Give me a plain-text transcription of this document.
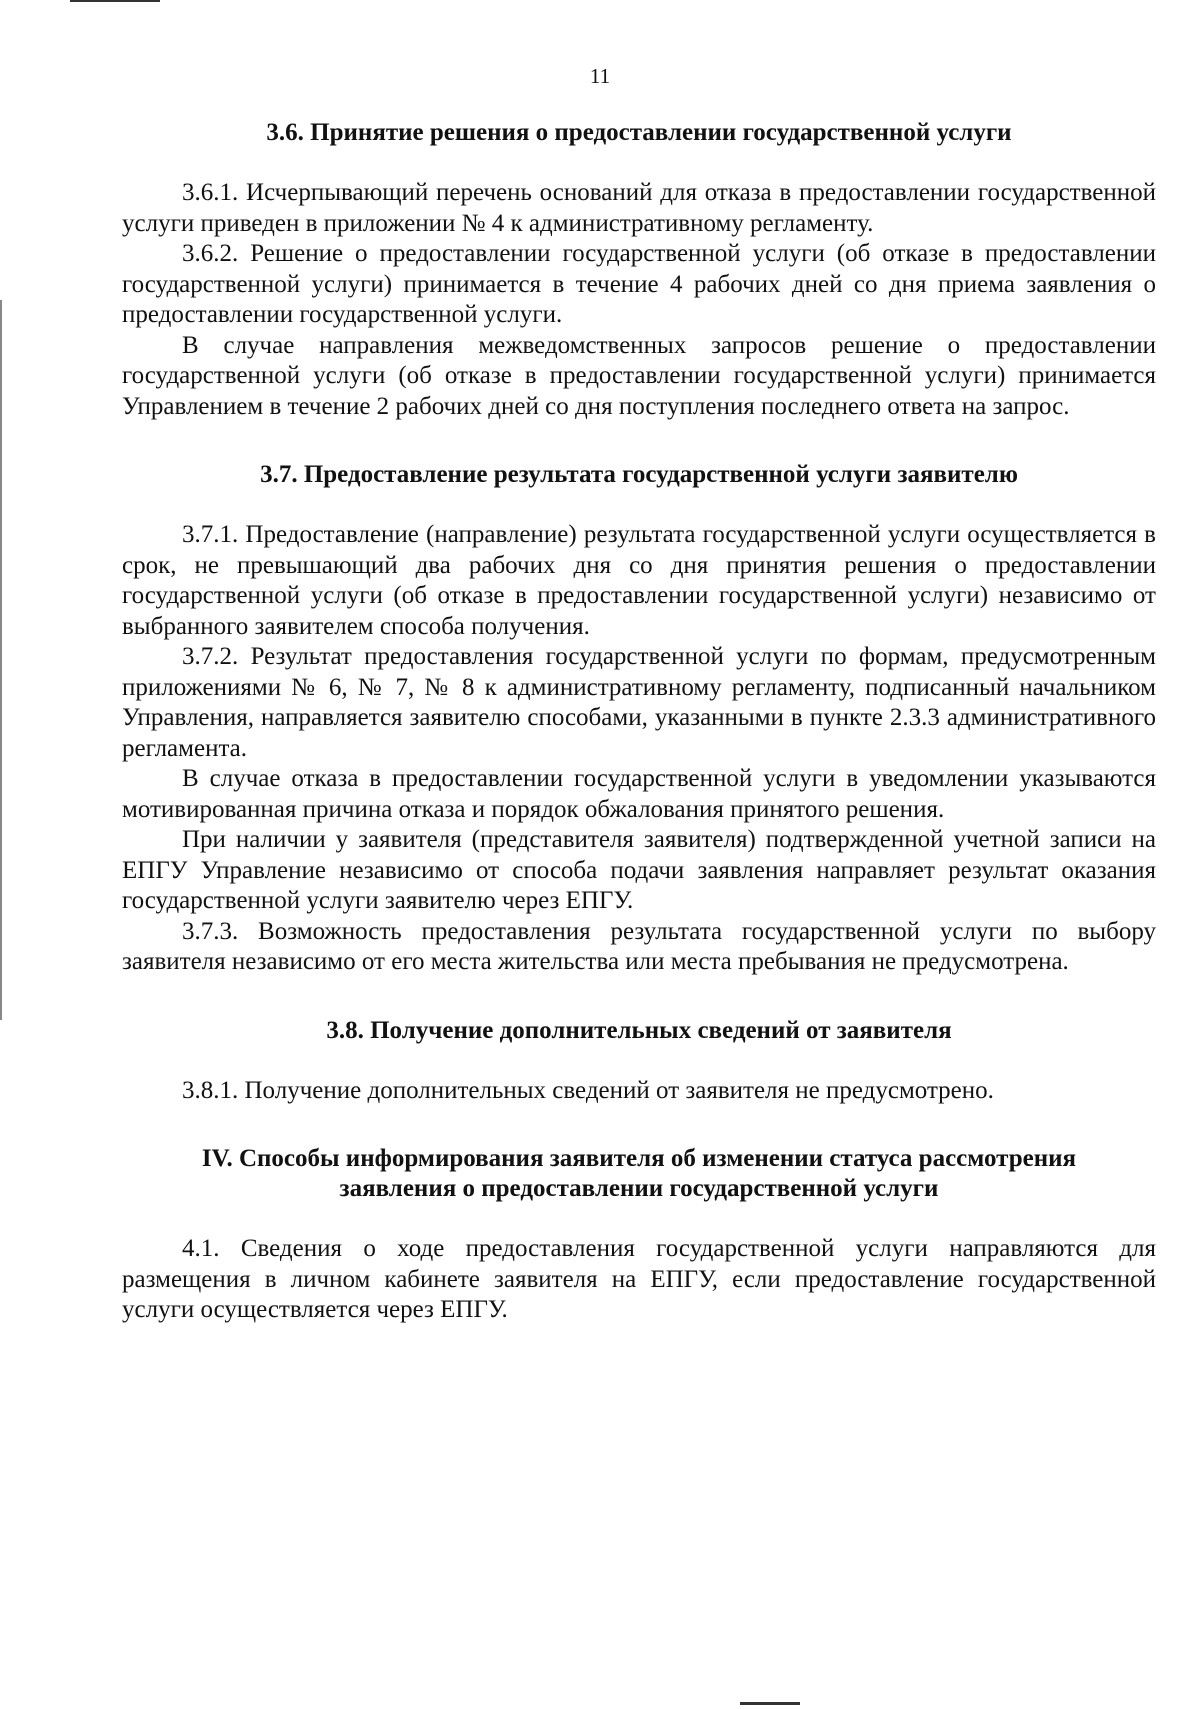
11
3.6. Принятие решения о предоставлении государственной услуги

3.6.1. Исчерпывающий перечень оснований для отказа в предоставлении государственной услуги приведен в приложении № 4 к административному регламенту.

3.6.2. Решение о предоставлении государственной услуги (об отказе в предоставлении государственной услуги) принимается в течение 4 рабочих дней со дня приема заявления о предоставлении государственной услуги.

В случае направления межведомственных запросов решение о предоставлении государственной услуги (об отказе в предоставлении государственной услуги) принимается Управлением в течение 2 рабочих дней со дня поступления последнего ответа на запрос.

3.7. Предоставление результата государственной услуги заявителю

3.7.1. Предоставление (направление) результата государственной услуги осуществляется в срок, не превышающий два рабочих дня со дня принятия решения о предоставлении государственной услуги (об отказе в предоставлении государственной услуги) независимо от выбранного заявителем способа получения.

3.7.2. Результат предоставления государственной услуги по формам, предусмотренным приложениями № 6, № 7, № 8 к административному регламенту, подписанный начальником Управления, направляется заявителю способами, указанными в пункте 2.3.3 административного регламента.

В случае отказа в предоставлении государственной услуги в уведомлении указываются мотивированная причина отказа и порядок обжалования принятого решения.

При наличии у заявителя (представителя заявителя) подтвержденной учетной записи на ЕПГУ Управление независимо от способа подачи заявления направляет результат оказания государственной услуги заявителю через ЕПГУ.

3.7.3. Возможность предоставления результата государственной услуги по выбору заявителя независимо от его места жительства или места пребывания не предусмотрена.

3.8. Получение дополнительных сведений от заявителя

3.8.1. Получение дополнительных сведений от заявителя не предусмотрено.

IV. Способы информирования заявителя об изменении статуса рассмотрения заявления о предоставлении государственной услуги

4.1. Сведения о ходе предоставления государственной услуги направляются для размещения в личном кабинете заявителя на ЕПГУ, если предоставление государственной услуги осуществляется через ЕПГУ.
